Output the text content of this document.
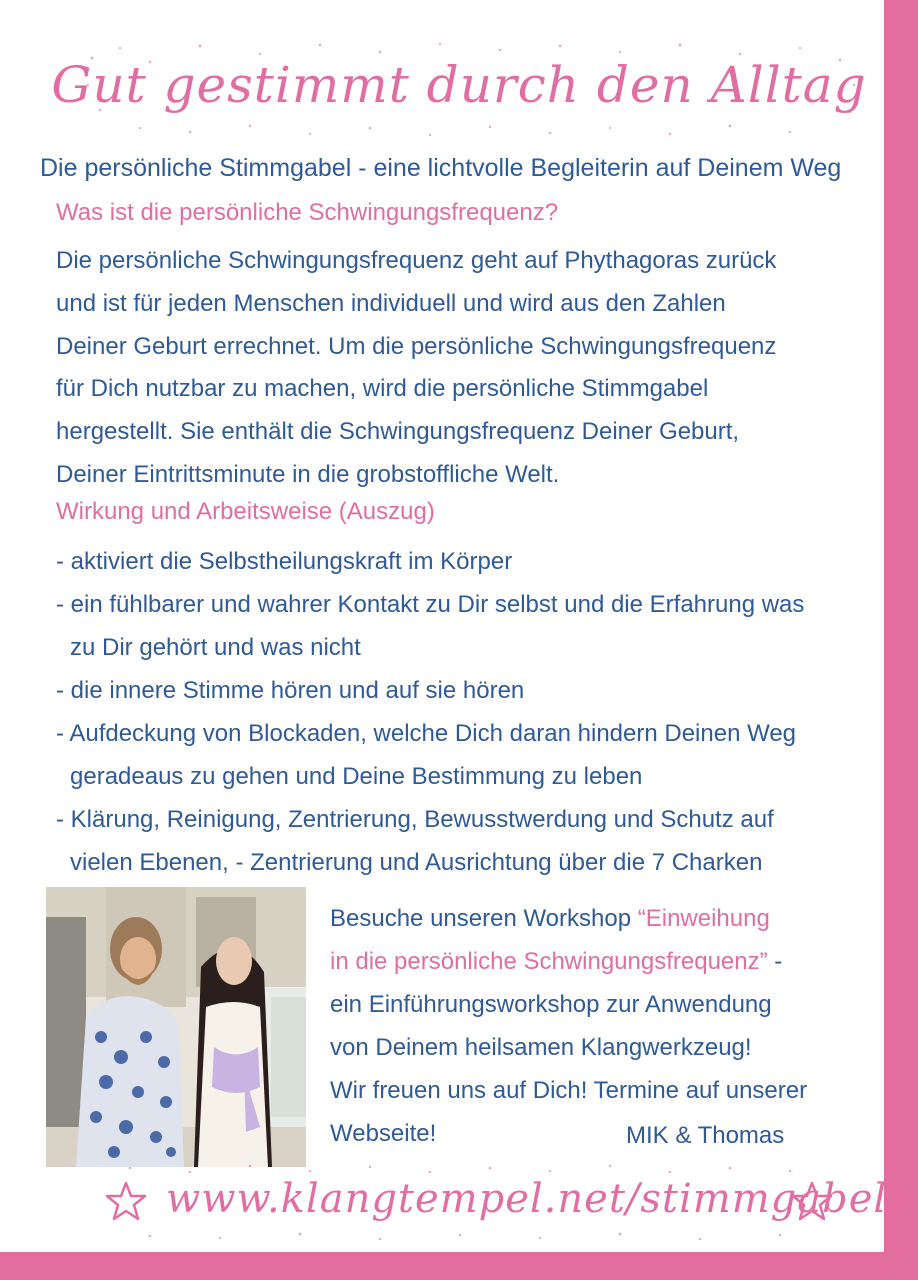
Gut gestimmt durch den Alltag
Die persönliche Stimmgabel - eine lichtvolle Begleiterin auf Deinem Weg
Was ist die persönliche Schwingungsfrequenz?
Die persönliche Schwingungsfrequenz geht auf Phythagoras zurück
und ist für jeden Menschen individuell und wird aus den Zahlen
Deiner Geburt errechnet. Um die persönliche Schwingungsfrequenz
für Dich nutzbar zu machen, wird die persönliche Stimmgabel
hergestellt. Sie enthält die Schwingungsfrequenz Deiner Geburt,
Deiner Eintrittsminute in die grobstoffliche Welt.
Wirkung und Arbeitsweise (Auszug)
- aktiviert die Selbstheilungskraft im Körper
- ein fühlbarer und wahrer Kontakt zu Dir selbst und die Erfahrung was
zu Dir gehört und was nicht
- die innere Stimme hören und auf sie hören
- Aufdeckung von Blockaden, welche Dich daran hindern Deinen Weg
geradeaus zu gehen und Deine Bestimmung zu leben
- Klärung, Reinigung, Zentrierung, Bewusstwerdung und Schutz auf
vielen Ebenen, - Zentrierung und Ausrichtung über die 7 Charken
Besuche unseren Workshop “Einweihung
in die persönliche Schwingungsfrequenz” -
ein Einführungsworkshop zur Anwendung
von Deinem heilsamen Klangwerkzeug!
Wir freuen uns auf Dich! Termine auf unserer
Webseite!	MIK & Thomas
www.klangtempel.net/stimmgabel
